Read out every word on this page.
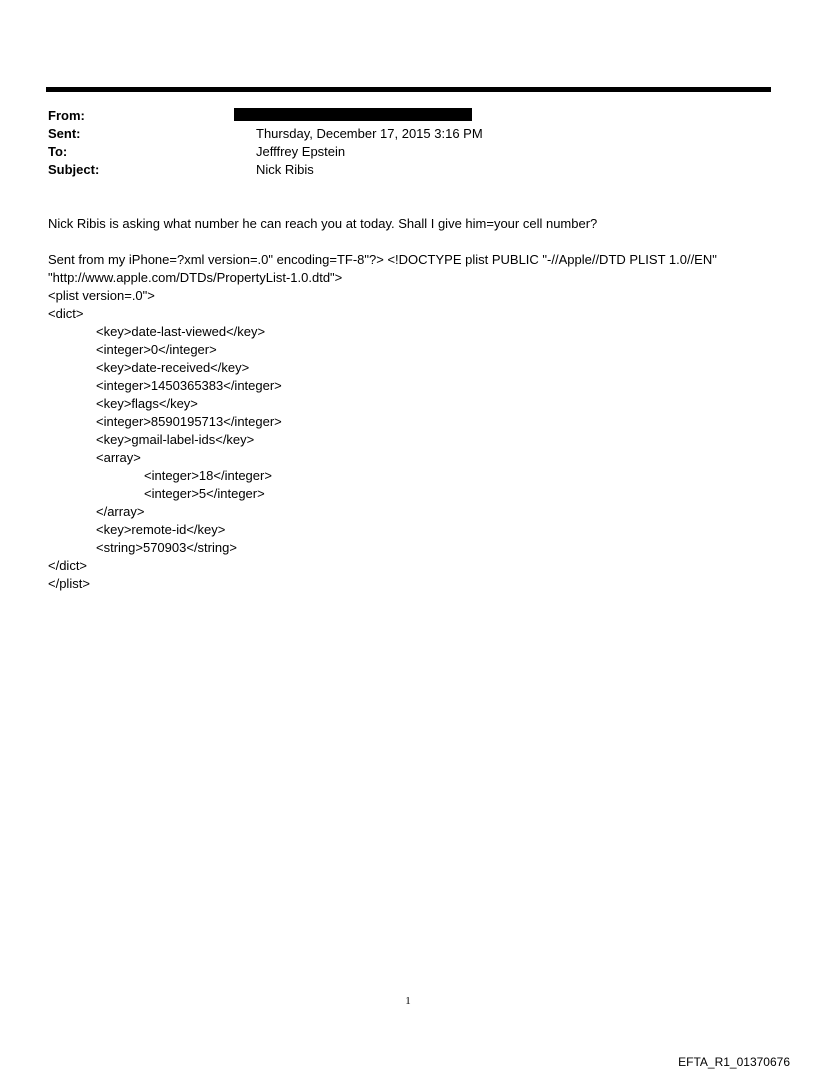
From:
Sent:	Thursday, December 17, 2015 3:16 PM
To:	Jefffrey Epstein
Subject:	Nick Ribis
Nick Ribis is asking what number he can reach you at today. Shall I give him=your cell number?
Sent from my iPhone=?xml version=.0" encoding=TF-8"?> <!DOCTYPE plist PUBLIC "-//Apple//DTD PLIST 1.0//EN"
"http://www.apple.com/DTDs/PropertyList-1.0.dtd">
<plist version=.0">
<dict>
<key>date-last-viewed</key>
<integer>0</integer>
<key>date-received</key>
<integer>1450365383</integer>
<key>flags</key>
<integer>8590195713</integer>
<key>gmail-label-ids</key>
<array>
<integer>18</integer>
<integer>5</integer>
</array>
<key>remote-id</key>
<string>570903</string>
</dict>
</plist>
1
EFTA_R1_01370676
